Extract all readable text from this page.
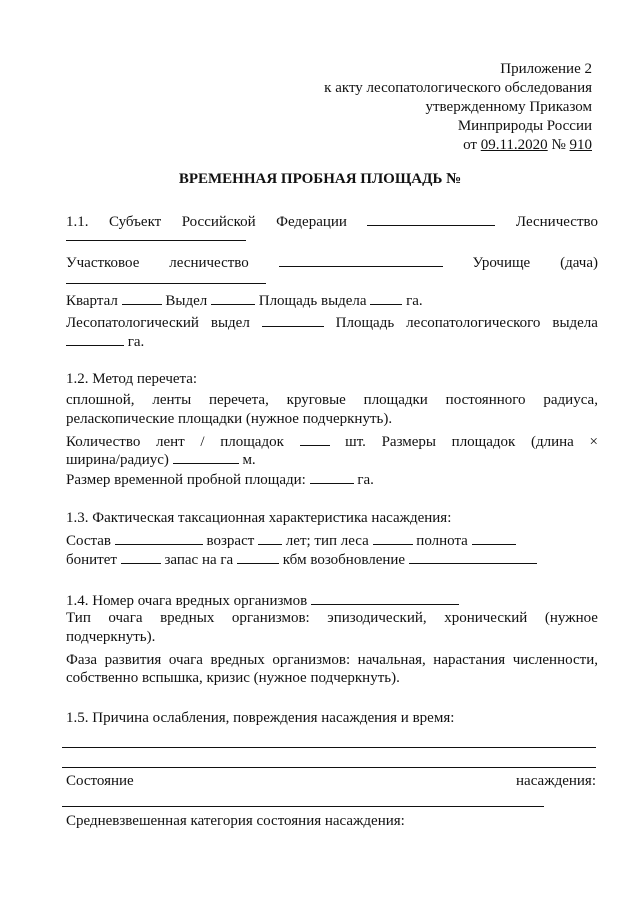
Приложение 2
к акту лесопатологического обследования
утвержденному Приказом
Минприроды России
от 09.11.2020 № 910
ВРЕМЕННАЯ ПРОБНАЯ ПЛОЩАДЬ №
1.1. Субъект Российской Федерации	Лесничество
Участковое лесничество	Урочище (дача)
Квартал	Выдел	Площадь выдела	га.
Лесопатологический выдел	Площадь лесопатологического выдела
га.
1.2. Метод перечета:
сплошной, ленты перечета, круговые площадки постоянного радиуса,
реласкопические площадки (нужное подчеркнуть).
Количество лент / площадок	шт. Размеры площадок (длина ×
ширина/радиус)	м.
Размер временной пробной площади:	га.
1.3. Фактическая таксационная характеристика насаждения:
Состав	возраст лет; тип леса	полнота
бонитет	запас на га	кбм возобновление
1.4. Номер очага вредных организмов
Тип очага вредных организмов: эпизодический, хронический (нужное
подчеркнуть).
Фаза развития очага вредных организмов: начальная, нарастания численности,
собственно вспышка, кризис (нужное подчеркнуть).
1.5. Причина ослабления, повреждения насаждения и время:
Состояние	насаждения:
Средневзвешенная категория состояния насаждения:
